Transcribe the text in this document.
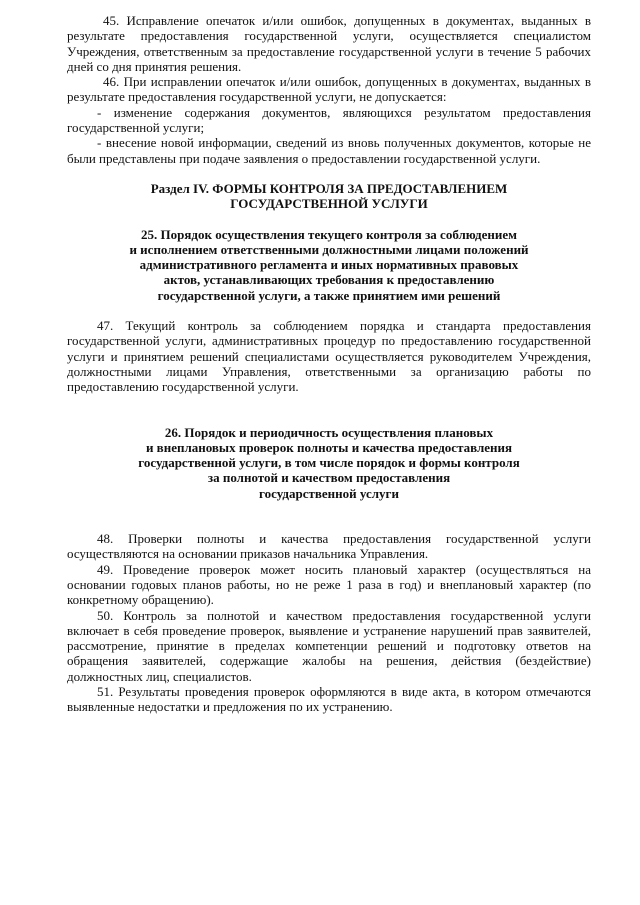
45. Исправление опечаток и/или ошибок, допущенных в документах, выданных в результате предоставления государственной услуги, осуществляется специалистом Учреждения, ответственным за предоставление государственной услуги в течение 5 рабочих дней со дня принятия решения.

46. При исправлении опечаток и/или ошибок, допущенных в документах, выданных в результате предоставления государственной услуги, не допускается:

- изменение содержания документов, являющихся результатом предоставления государственной услуги;

- внесение новой информации, сведений из вновь полученных документов, которые не были представлены при подаче заявления о предоставлении государственной услуги.

Раздел IV. ФОРМЫ КОНТРОЛЯ ЗА ПРЕДОСТАВЛЕНИЕМ
ГОСУДАРСТВЕННОЙ УСЛУГИ
25. Порядок осуществления текущего контроля за соблюдением
и исполнением ответственными должностными лицами положений
административного регламента и иных нормативных правовых
актов, устанавливающих требования к предоставлению
государственной услуги, а также принятием ими решений

47. Текущий контроль за соблюдением порядка и стандарта предоставления государственной услуги, административных процедур по предоставлению государственной услуги и принятием решений специалистами осуществляется руководителем Учреждения, должностными лицами Управления, ответственными за организацию работы по предоставлению государственной услуги.

26. Порядок и периодичность осуществления плановых
и внеплановых проверок полноты и качества предоставления
государственной услуги, в том числе порядок и формы контроля
за полнотой и качеством предоставления
государственной услуги

48. Проверки полноты и качества предоставления государственной услуги осуществляются на основании приказов начальника Управления.

49. Проведение проверок может носить плановый характер (осуществляться на основании годовых планов работы, но не реже 1 раза в год) и внеплановый характер (по конкретному обращению).

50. Контроль за полнотой и качеством предоставления государственной услуги включает в себя проведение проверок, выявление и устранение нарушений прав заявителей, рассмотрение, принятие в пределах компетенции решений и подготовку ответов на обращения заявителей, содержащие жалобы на решения, действия (бездействие) должностных лиц, специалистов.

51. Результаты проведения проверок оформляются в виде акта, в котором отмечаются выявленные недостатки и предложения по их устранению.
